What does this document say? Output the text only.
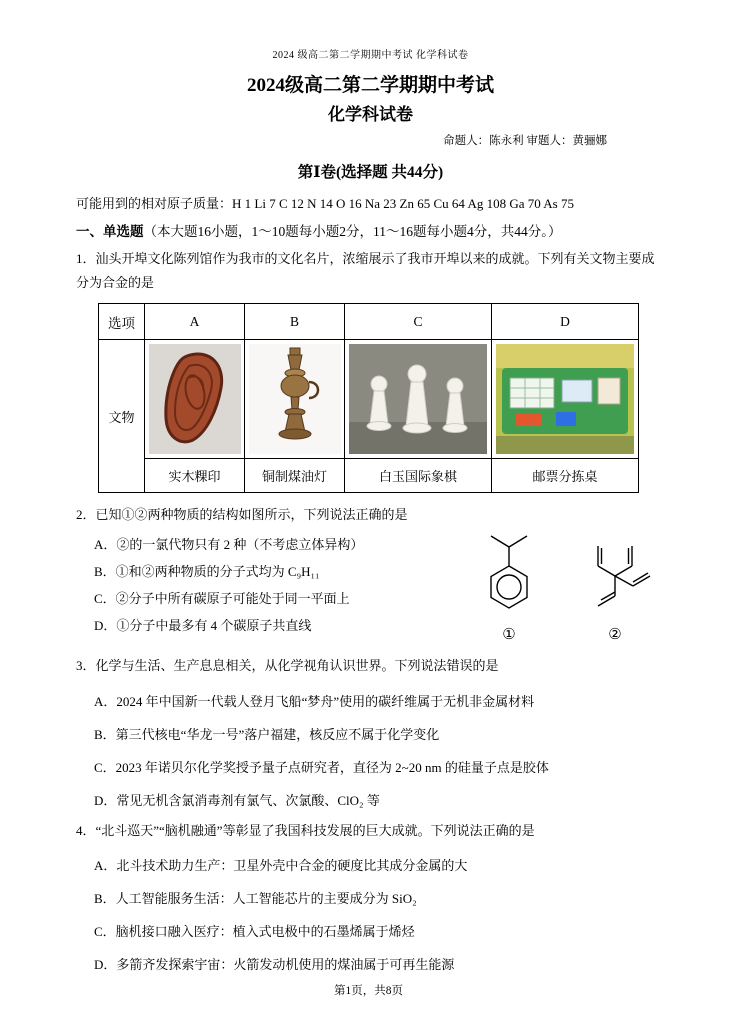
2024 级高二第二学期期中考试 化学科试卷
2024级高二第二学期期中考试
化学科试卷
命题人：陈永利 审题人：黄骊娜
第Ⅰ卷(选择题 共44分)
可能用到的相对原子质量：H 1 Li 7 C 12 N 14 O 16 Na 23 Zn 65 Cu 64 Ag 108 Ga 70 As 75
一、单选题（本大题16小题，1～10题每小题2分，11～16题每小题4分，共44分。）
1．汕头开埠文化陈列馆作为我市的文化名片，浓缩展示了我市开埠以来的成就。下列有关文物主要成分为合金的是
选项	A	B	C	D
文物	

	实木粿印	铜制煤油灯	白玉国际象棋	邮票分拣桌
2．已知①②两种物质的结构如图所示，下列说法正确的是
A．②的一氯代物只有 2 种（不考虑立体异构）
B．①和②两种物质的分子式均为 C₉H₁₁
C．②分子中所有碳原子可能处于同一平面上
D．①分子中最多有 4 个碳原子共直线
①	②
3．化学与生活、生产息息相关，从化学视角认识世界。下列说法错误的是
A．2024 年中国新一代载人登月飞船“梦舟”使用的碳纤维属于无机非金属材料
B．第三代核电“华龙一号”落户福建，核反应不属于化学变化
C．2023 年诺贝尔化学奖授予量子点研究者，直径为 2~20 nm 的硅量子点是胶体
D．常见无机含氯消毒剂有氯气、次氯酸、ClO₂ 等
4．“北斗巡天”“脑机融通”等彰显了我国科技发展的巨大成就。下列说法正确的是
A．北斗技术助力生产：卫星外壳中合金的硬度比其成分金属的大
B．人工智能服务生活：人工智能芯片的主要成分为 SiO₂
C．脑机接口融入医疗：植入式电极中的石墨烯属于烯烃
D．多箭齐发探索宇宙：火箭发动机使用的煤油属于可再生能源
第1页，共8页
